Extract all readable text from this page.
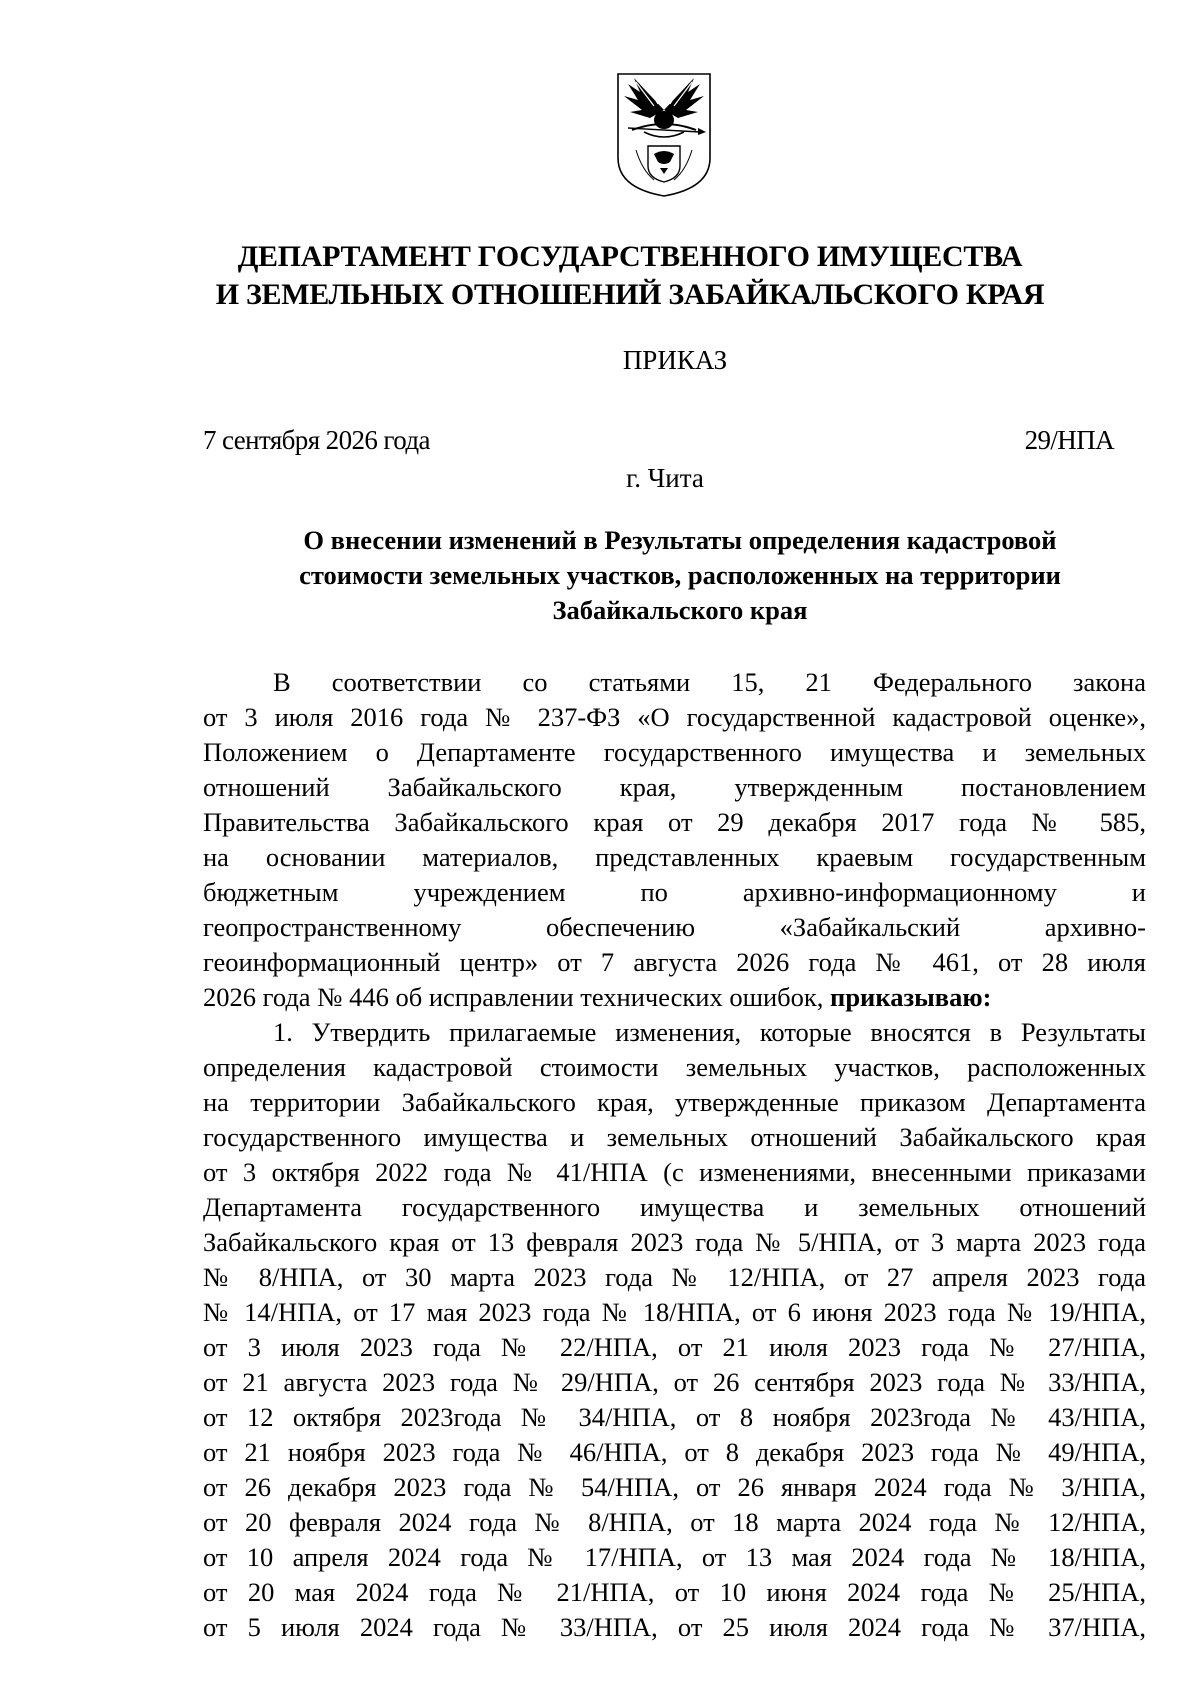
ДЕПАРТАМЕНТ ГОСУДАРСТВЕННОГО ИМУЩЕСТВА
И ЗЕМЕЛЬНЫХ ОТНОШЕНИЙ ЗАБАЙКАЛЬСКОГО КРАЯ
ПРИКАЗ
7 сентября 2026 года	29/НПА
г. Чита
О внесении изменений в Результаты определения кадастровой
стоимости земельных участков, расположенных на территории
Забайкальского края
В соответствии со статьями 15, 21 Федерального закона
от 3 июля 2016 года № 237-ФЗ «О государственной кадастровой оценке»,
Положением о Департаменте государственного имущества и земельных
отношений Забайкальского края, утвержденным постановлением
Правительства Забайкальского края от 29 декабря 2017 года № 585,
на основании материалов, представленных краевым государственным
бюджетным учреждением по архивно-информационному и
геопространственному обеспечению «Забайкальский архивно-
геоинформационный центр» от 7 августа 2026 года № 461, от 28 июля
2026 года № 446 об исправлении технических ошибок, приказываю:
1. Утвердить прилагаемые изменения, которые вносятся в Результаты
определения кадастровой стоимости земельных участков, расположенных
на территории Забайкальского края, утвержденные приказом Департамента
государственного имущества и земельных отношений Забайкальского края
от 3 октября 2022 года № 41/НПА (с изменениями, внесенными приказами
Департамента государственного имущества и земельных отношений
Забайкальского края от 13 февраля 2023 года № 5/НПА, от 3 марта 2023 года
№ 8/НПА, от 30 марта 2023 года № 12/НПА, от 27 апреля 2023 года
№ 14/НПА, от 17 мая 2023 года № 18/НПА, от 6 июня 2023 года № 19/НПА,
от 3 июля 2023 года № 22/НПА, от 21 июля 2023 года № 27/НПА,
от 21 августа 2023 года № 29/НПА, от 26 сентября 2023 года № 33/НПА,
от 12 октября 2023года № 34/НПА, от 8 ноября 2023года № 43/НПА,
от 21 ноября 2023 года № 46/НПА, от 8 декабря 2023 года № 49/НПА,
от 26 декабря 2023 года № 54/НПА, от 26 января 2024 года № 3/НПА,
от 20 февраля 2024 года № 8/НПА, от 18 марта 2024 года № 12/НПА,
от 10 апреля 2024 года № 17/НПА, от 13 мая 2024 года № 18/НПА,
от 20 мая 2024 года № 21/НПА, от 10 июня 2024 года № 25/НПА,
от 5 июля 2024 года № 33/НПА, от 25 июля 2024 года № 37/НПА,
